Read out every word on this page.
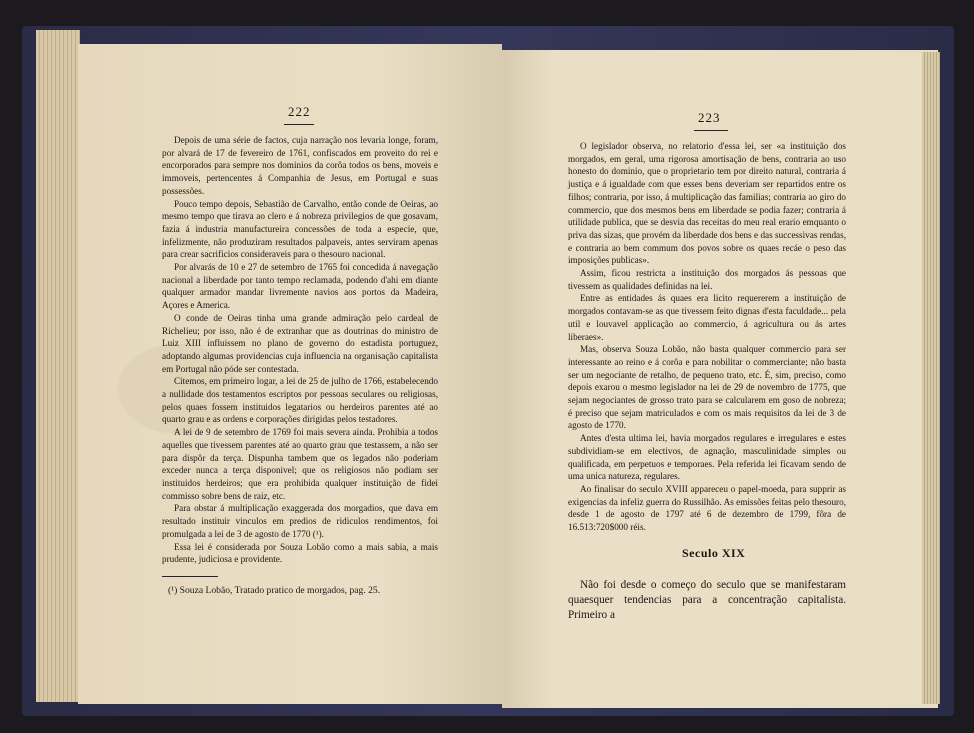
222

Depois de uma série de factos, cuja narração nos levaria longe, foram, por alvará de 17 de fevereiro de 1761, confiscados em proveito do rei e encorporados para sempre nos dominios da corôa todos os bens, moveis e immoveis, pertencentes á Companhia de Jesus, em Portugal e suas possessões.

Pouco tempo depois, Sebastião de Carvalho, então conde de Oeiras, ao mesmo tempo que tirava ao clero e á nobreza privilegios de que gosavam, fazia á industria manufactureira concessões de toda a especie, que, infelizmente, não produziram resultados palpaveis, antes serviram apenas para crear sacrificios consideraveis para o thesouro nacional.

Por alvarás de 10 e 27 de setembro de 1765 foi concedida á navegação nacional a liberdade por tanto tempo reclamada, podendo d'ahi em diante qualquer armador mandar livremente navios aos portos da Madeira, Açores e America.

O conde de Oeiras tinha uma grande admiração pelo cardeal de Richelieu; por isso, não é de extranhar que as doutrinas do ministro de Luiz XIII influissem no plano de governo do estadista portuguez, adoptando algumas providencias cuja influencia na organisação capitalista em Portugal não póde ser contestada.

Citemos, em primeiro logar, a lei de 25 de julho de 1766, estabelecendo a nullidade dos testamentos escriptos por pessoas seculares ou religiosas, pelos quaes fossem instituidos legatarios ou herdeiros parentes até ao quarto grau e as ordens e corporações dirigidas pelos testadores.

A lei de 9 de setembro de 1769 foi mais severa ainda. Prohibia a todos aquelles que tivessem parentes até ao quarto grau que testassem, a não ser para dispôr da terça. Dispunha tambem que os legados não poderiam exceder nunca a terça disponivel; que os religiosos não podiam ser instituidos herdeiros; que era prohibida qualquer instituição de fidei commisso sobre bens de raiz, etc.

Para obstar á multiplicação exaggerada dos morgadios, que dava em resultado instituir vinculos em predios de ridiculos rendimentos, foi promulgada a lei de 3 de agosto de 1770 (¹).

Essa lei é considerada por Souza Lobão como a mais sabia, a mais prudente, judiciosa e providente.

(¹) Souza Lobão, Tratado pratico de morgados, pag. 25.
223

O legislador observa, no relatorio d'essa lei, ser «a instituição dos morgados, em geral, uma rigorosa amortisação de bens, contraria ao uso honesto do dominio, que o proprietario tem por direito natural, contraria á justiça e á igualdade com que esses bens deveriam ser repartidos entre os filhos; contraria, por isso, á multiplicação das familias; contraria ao giro do commercio, que dos mesmos bens em liberdade se podia fazer; contraria á utilidade publica, que se desvia das receitas do meu real erario emquanto o priva das sizas, que provém da liberdade dos bens e das successivas rendas, e contraria ao bem commum dos povos sobre os quaes recáe o peso das imposições publicas».

Assim, ficou restricta a instituição dos morgados ás pessoas que tivessem as qualidades definidas na lei.

Entre as entidades ás quaes era licito requererem a instituição de morgados contavam-se as que tivessem feito dignas d'esta faculdade... pela util e louvavel applicação ao commercio, á agricultura ou ás artes liberaes».

Mas, observa Souza Lobão, não basta qualquer commercio para ser interessante ao reino e á corôa e para nobilitar o commerciante; não basta ser um negociante de retalho, de pequeno trato, etc. É, sim, preciso, como depois exarou o mesmo legislador na lei de 29 de novembro de 1775, que sejam negociantes de grosso trato para se calcularem em goso de nobreza; é preciso que sejam matriculados e com os mais requisitos da lei de 3 de agosto de 1770.

Antes d'esta ultima lei, havia morgados regulares e irregulares e estes subdividiam-se em electivos, de agnação, masculinidade simples ou qualificada, em perpetuos e temporaes. Pela referida lei ficavam sendo de uma unica natureza, regulares.

Ao finalisar do seculo XVIII appareceu o papel-moeda, para supprir as exigencias da infeliz guerra do Russilhão. As emissões feitas pelo thesouro, desde 1 de agosto de 1797 até 6 de dezembro de 1799, fôra de 16.513:720$000 réis.

Seculo XIX

Não foi desde o começo do seculo que se manifestaram quaesquer tendencias para a concentração capitalista. Primeiro a
